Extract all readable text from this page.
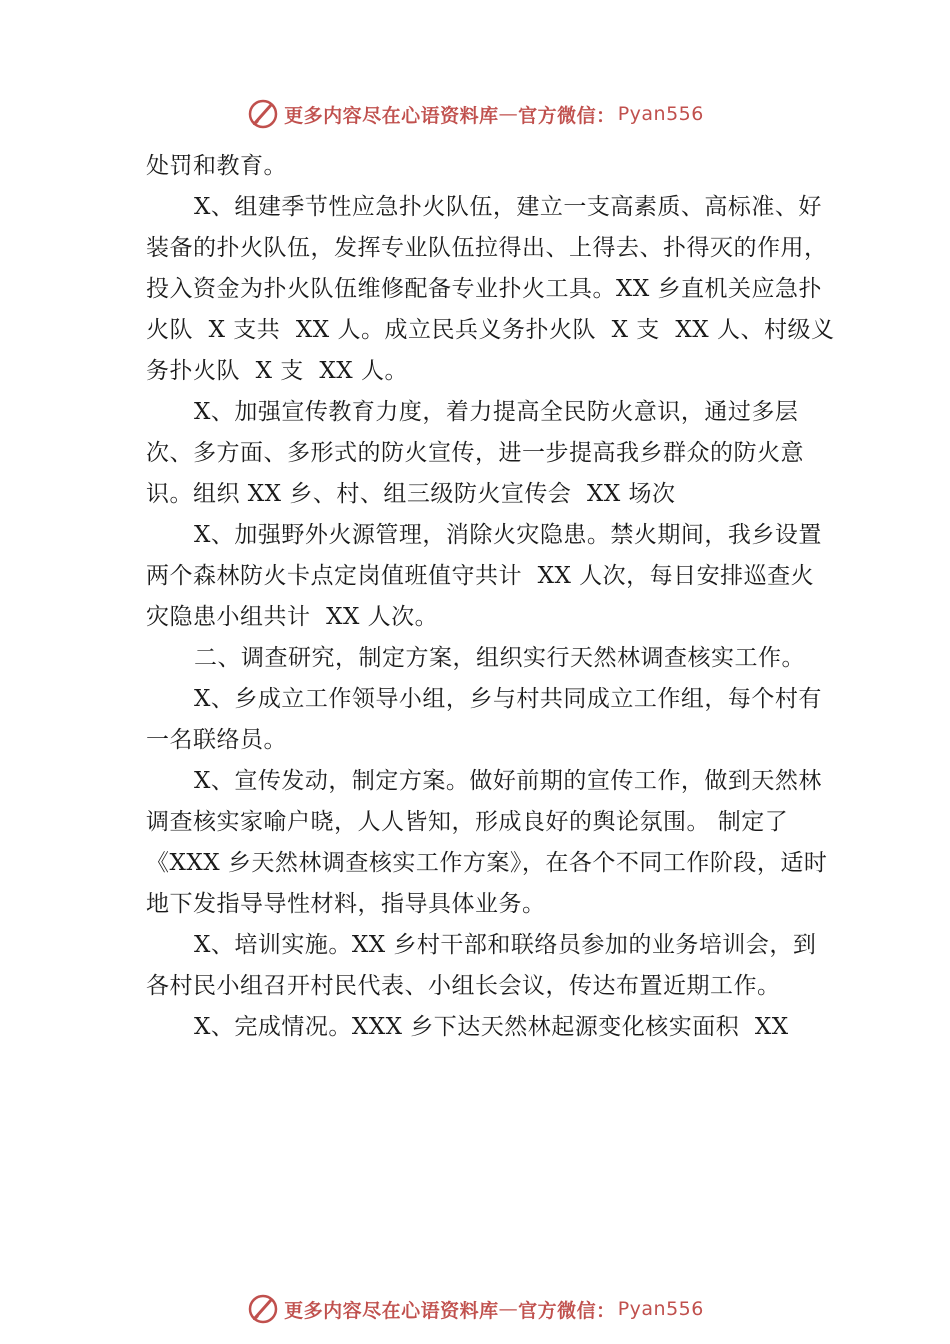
更多内容尽在心语资料库 — 官方微信： Pyan556

处罚和教育。

X、组建季节性应急扑火队伍，建立一支高素质、高标准、好装备的扑火队伍，发挥专业队伍拉得出、上得去、扑得灭的作用，投入资金为扑火队伍维修配备专业扑火工具。XX 乡直机关应急扑火队  X 支共  XX 人。成立民兵义务扑火队  X 支  XX 人、村级义务扑火队  X 支  XX 人。

X、加强宣传教育力度，着力提高全民防火意识，通过多层次、多方面、多形式的防火宣传，进一步提高我乡群众的防火意识。组织 XX 乡、村、组三级防火宣传会  XX 场次

X、加强野外火源管理，消除火灾隐患。禁火期间，我乡设置两个森林防火卡点定岗值班值守共计  XX 人次，每日安排巡查火灾隐患小组共计  XX 人次。

二、调查研究，制定方案，组织实行天然林调查核实工作。

X、乡成立工作领导小组，乡与村共同成立工作组，每个村有一名联络员。

X、宣传发动，制定方案。做好前期的宣传工作，做到天然林调查核实家喻户晓，人人皆知，形成良好的舆论氛围。 制定了《XXX 乡天然林调查核实工作方案》，在各个不同工作阶段，适时地下发指导导性材料，指导具体业务。

X、培训实施。XX 乡村干部和联络员参加的业务培训会，到各村民小组召开村民代表、小组长会议，传达布置近期工作。

X、完成情况。XXX 乡下达天然林起源变化核实面积  XX

更多内容尽在心语资料库 — 官方微信： Pyan556
